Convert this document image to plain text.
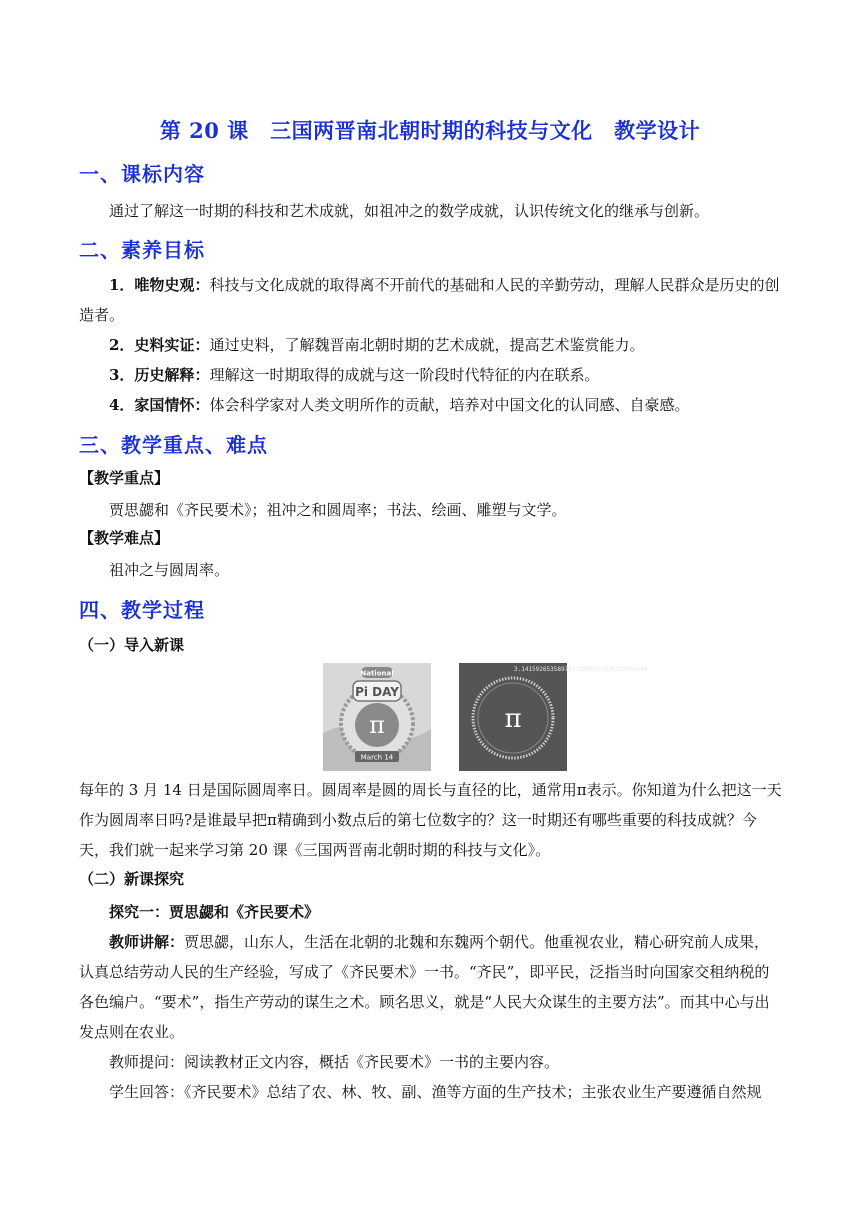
第 20 课　三国两晋南北朝时期的科技与文化　教学设计
一、课标内容
通过了解这一时期的科技和艺术成就，如祖冲之的数学成就，认识传统文化的继承与创新。
二、素养目标
1．唯物史观：科技与文化成就的取得离不开前代的基础和人民的辛勤劳动，理解人民群众是历史的创造者。
2．史料实证：通过史料，了解魏晋南北朝时期的艺术成就，提高艺术鉴赏能力。
3．历史解释：理解这一时期取得的成就与这一阶段时代特征的内在联系。
4．家国情怀：体会科学家对人类文明所作的贡献，培养对中国文化的认同感、自豪感。
三、教学重点、难点
【教学重点】
贾思勰和《齐民要术》；祖冲之和圆周率；书法、绘画、雕塑与文学。
【教学难点】
祖冲之与圆周率。
四、教学过程
（一）导入新课
National
Pi DAY
π
March 14
3.14159265358979323846264338327950288
π
每年的 3 月 14 日是国际圆周率日。圆周率是圆的周长与直径的比，通常用π表示。你知道为什么把这一天作为圆周率日吗?是谁最早把π精确到小数点后的第七位数字的？这一时期还有哪些重要的科技成就？今天，我们就一起来学习第 20 课《三国两晋南北朝时期的科技与文化》。
（二）新课探究
探究一：贾思勰和《齐民要术》
教师讲解：贾思勰，山东人，生活在北朝的北魏和东魏两个朝代。他重视农业，精心研究前人成果，认真总结劳动人民的生产经验，写成了《齐民要术》一书。“齐民”，即平民，泛指当时向国家交租纳税的各色编户。“要术”，指生产劳动的谋生之术。顾名思义，就是“人民大众谋生的主要方法”。而其中心与出发点则在农业。
教师提问：阅读教材正文内容，概括《齐民要术》一书的主要内容。
学生回答：《齐民要术》总结了农、林、牧、副、渔等方面的生产技术；主张农业生产要遵循自然规
